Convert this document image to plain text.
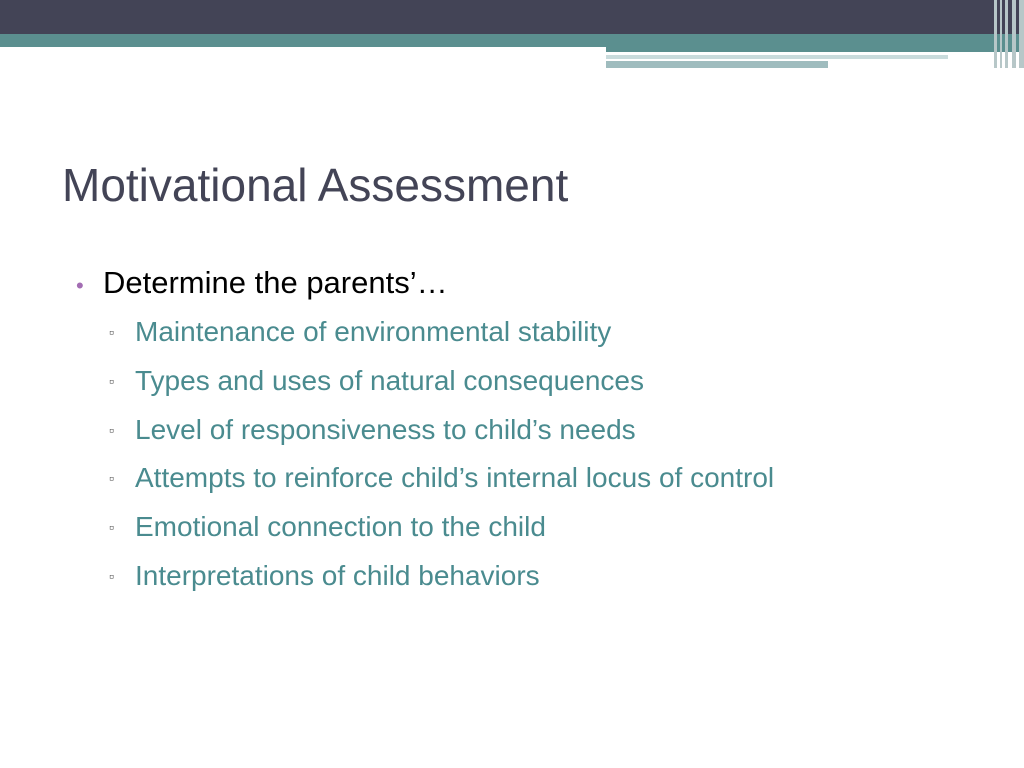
Motivational Assessment
• Determine the parents’…
▫ Maintenance of environmental stability
▫ Types and uses of natural consequences
▫ Level of responsiveness to child’s needs
▫ Attempts to reinforce child’s internal locus of control
▫ Emotional connection to the child
▫ Interpretations of child behaviors
